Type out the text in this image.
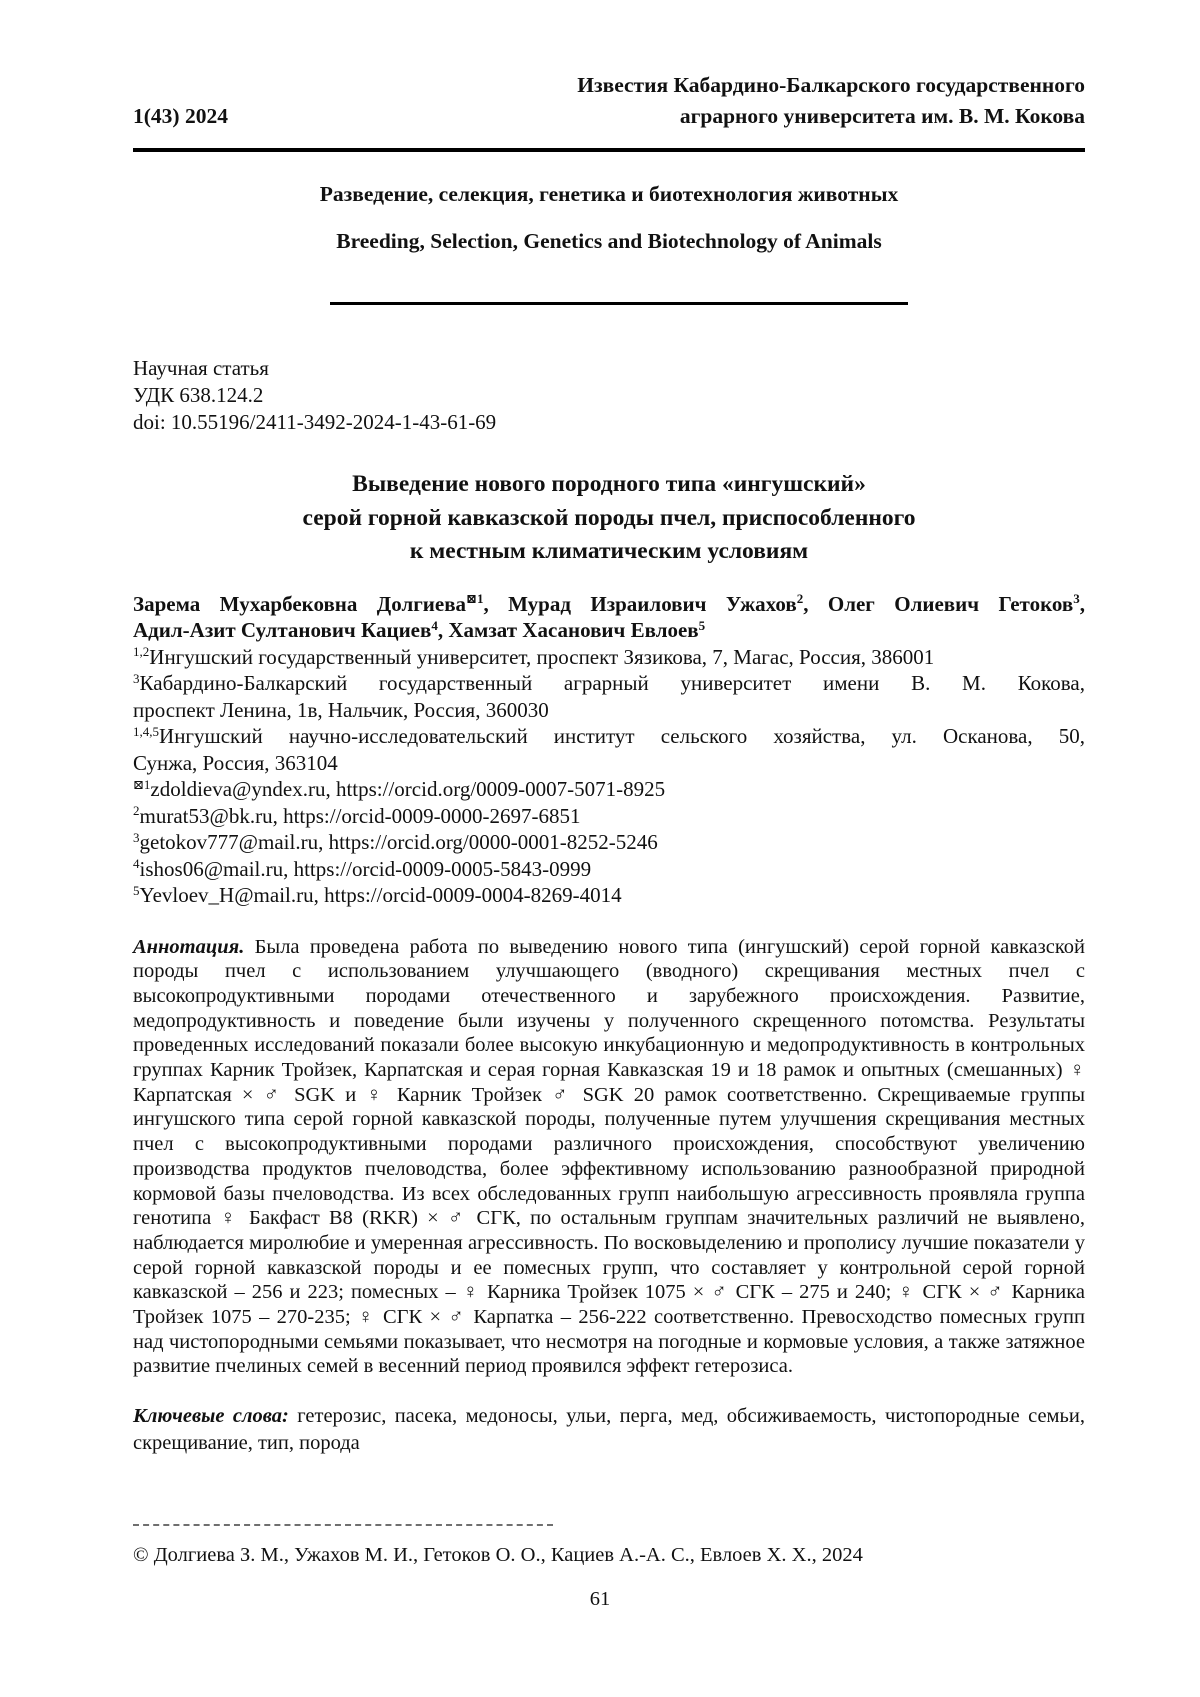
1(43) 2024
Известия Кабардино-Балкарского государственного
аграрного университета им. В. М. Кокова
Разведение, селекция, генетика и биотехнология животных
Breeding, Selection, Genetics and Biotechnology of Animals
Научная статья
УДК 638.124.2
doi: 10.55196/2411-3492-2024-1-43-61-69
Выведение нового породного типа «ингушский»
серой горной кавказской породы пчел, приспособленного
к местным климатическим условиям

Зарема Мухарбековна Долгиева$^{⊠1}$, Мурад Израилович Ужахов$^2$, Олег Олиевич Гетоков$^3$,

Адил-Азит Султанович Кациев$^4$, Хамзат Хасанович Евлоев$^5$

$^{1,2}$Ингушский государственный университет, проспект Зязикова, 7, Магас, Россия, 386001

$^3$Кабардино-Балкарский государственный аграрный университет имени В. М. Кокова,

проспект Ленина, 1в, Нальчик, Россия, 360030

$^{1,4,5}$Ингушский научно-исследовательский институт сельского хозяйства, ул. Осканова, 50,

Сунжа, Россия, 363104

$^{⊠1}$zdoldieva@yndex.ru, https://orcid.org/0009-0007-5071-8925

$^2$murat53@bk.ru, https://orcid-0009-0000-2697-6851

$^3$getokov777@mail.ru, https://orcid.org/0000-0001-8252-5246

$^4$ishos06@mail.ru, https://orcid-0009-0005-5843-0999

$^5$Yevloev_H@mail.ru, https://orcid-0009-0004-8269-4014

Аннотация. Была проведена работа по выведению нового типа (ингушский) серой горной кавказской породы пчел с использованием улучшающего (вводного) скрещивания местных пчел с высокопродуктивными породами отечественного и зарубежного происхождения. Развитие, медопродуктивность и поведение были изучены у полученного скрещенного потомства. Результаты проведенных исследований показали более высокую инкубационную и медопродуктивность в контрольных группах Карник Тройзек, Карпатская и серая горная Кавказская 19 и 18 рамок и опытных (смешанных) ♀ Карпатская × ♂ SGK и ♀ Карник Тройзек ♂ SGK 20 рамок соответственно. Скрещиваемые группы ингушского типа серой горной кавказской породы, полученные путем улучшения скрещивания местных пчел с высокопродуктивными породами различного происхождения, способствуют увеличению производства продуктов пчеловодства, более эффективному использованию разнообразной природной кормовой базы пчеловодства. Из всех обследованных групп наибольшую агрессивность проявляла группа генотипа ♀ Бакфаст В8 (RKR) × ♂ СГК, по остальным группам значительных различий не выявлено, наблюдается миролюбие и умеренная агрессивность. По восковыделению и прополису лучшие показатели у серой горной кавказской породы и ее помесных групп, что составляет у контрольной серой горной кавказской – 256 и 223; помесных – ♀ Карника Тройзек 1075 × ♂ СГК – 275 и 240; ♀ СГК × ♂ Карника Тройзек 1075 – 270-235; ♀ СГК × ♂ Карпатка – 256-222 соответственно. Превосходство помесных групп над чистопородными семьями показывает, что несмотря на погодные и кормовые условия, а также затяжное развитие пчелиных семей в весенний период проявился эффект гетерозиса.

Ключевые слова: гетерозис, пасека, медоносы, ульи, перга, мед, обсиживаемость, чистопородные семьи, скрещивание, тип, порода

© Долгиева З. М., Ужахов М. И., Гетоков О. О., Кациев А.-А. С., Евлоев Х. Х., 2024
61
